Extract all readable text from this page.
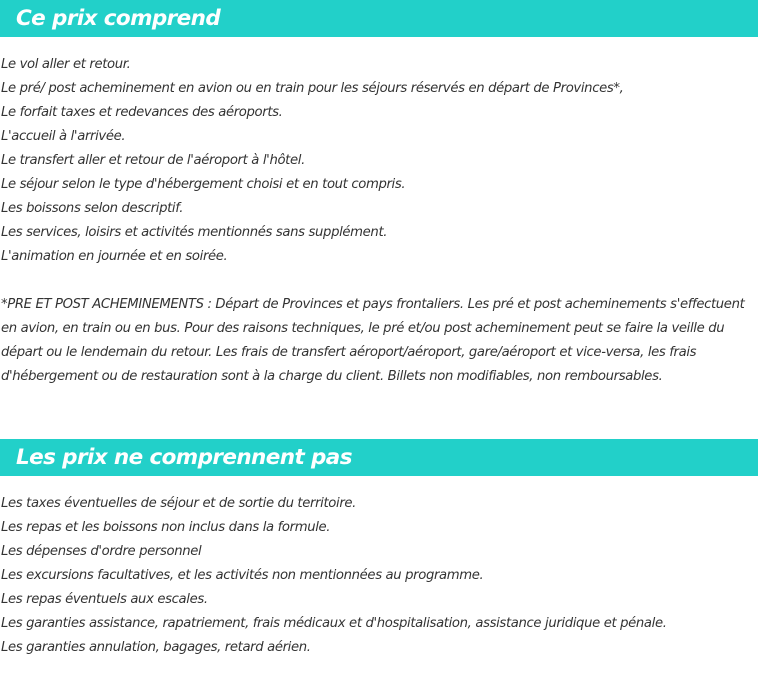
Ce prix comprend
Le vol aller et retour.
Le pré/ post acheminement en avion ou en train pour les séjours réservés en départ de Provinces*,
Le forfait taxes et redevances des aéroports.
L'accueil à l'arrivée.
Le transfert aller et retour de l'aéroport à l'hôtel.
Le séjour selon le type d'hébergement choisi et en tout compris.
Les boissons selon descriptif.
Les services, loisirs et activités mentionnés sans supplément.
L'animation en journée et en soirée.

*PRE ET POST ACHEMINEMENTS : Départ de Provinces et pays frontaliers. Les pré et post acheminements s'effectuent en avion, en train ou en bus. Pour des raisons techniques, le pré et/ou post acheminement peut se faire la veille du départ ou le lendemain du retour. Les frais de transfert aéroport/aéroport, gare/aéroport et vice-versa, les frais d'hébergement ou de restauration sont à la charge du client. Billets non modifiables, non remboursables.

Les prix ne comprennent pas
Les taxes éventuelles de séjour et de sortie du territoire.
Les repas et les boissons non inclus dans la formule.
Les dépenses d'ordre personnel
Les excursions facultatives, et les activités non mentionnées au programme.
Les repas éventuels aux escales.
Les garanties assistance, rapatriement, frais médicaux et d'hospitalisation, assistance juridique et pénale.
Les garanties annulation, bagages, retard aérien.
